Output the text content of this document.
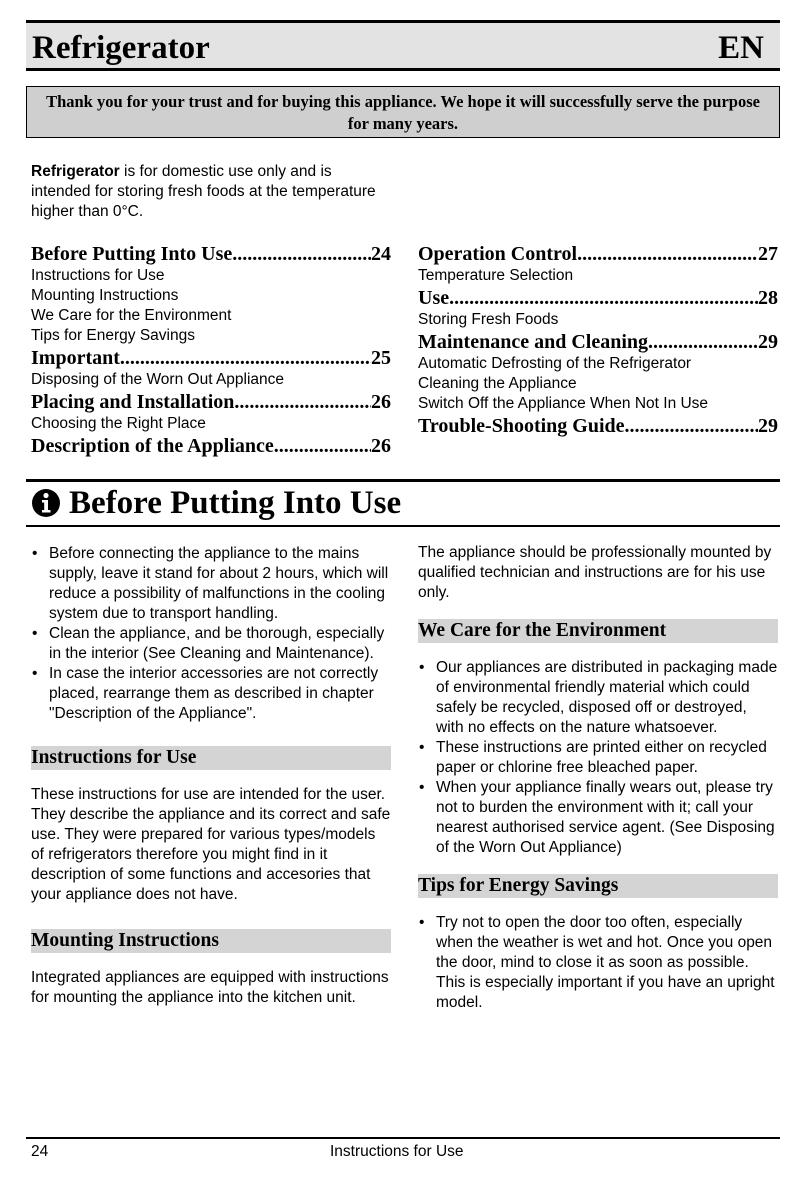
Refrigerator	EN
Thank you for your trust and for buying this appliance. We hope it will successfully serve the purpose for many years.
Refrigerator is for domestic use only and is intended for storing fresh foods at the temperature higher than 0°C.
Before Putting Into Use .....	24
Instructions for Use
Mounting Instructions
We Care for the Environment
Tips for Energy Savings
Important .....	25
Disposing of the Worn Out Appliance
Placing and Installation .....	26
Choosing the Right Place
Description of the Appliance .....	26
Operation Control .....	27
Temperature Selection
Use .....	28
Storing Fresh Foods
Maintenance and Cleaning .....	29
Automatic Defrosting of the Refrigerator
Cleaning the Appliance
Switch Off the Appliance When Not In Use
Trouble-Shooting Guide .....	29
Before Putting Into Use
• Before connecting the appliance to the mains supply, leave it stand for about 2 hours, which will reduce a possibility of malfunctions in the cooling system due to transport handling.
• Clean the appliance, and be thorough, especially in the interior (See Cleaning and Maintenance).
• In case the interior accessories are not correctly placed, rearrange them as described in chapter "Description of the Appliance".
Instructions for Use

These instructions for use are intended for the user. They describe the appliance and its correct and safe use. They were prepared for various types/models of refrigerators therefore you might find in it description of some functions and accesories that your appliance does not have.

Mounting Instructions

Integrated appliances are equipped with instructions for mounting the appliance into the kitchen unit.

The appliance should be professionally mounted by qualified technician and instructions are for his use only.

We Care for the Environment
• Our appliances are distributed in packaging made of environmental friendly material which could safely be recycled, disposed off or destroyed, with no effects on the nature whatsoever.
• These instructions are printed either on recycled paper or chlorine free bleached paper.
• When your appliance finally wears out, please try not to burden the environment with it; call your nearest authorised service agent. (See Disposing of the Worn Out Appliance)
Tips for Energy Savings
• Try not to open the door too often, especially when the weather is wet and hot. Once you open the door, mind to close it as soon as possible. This is especially important if you have an upright model.
24	Instructions for Use
